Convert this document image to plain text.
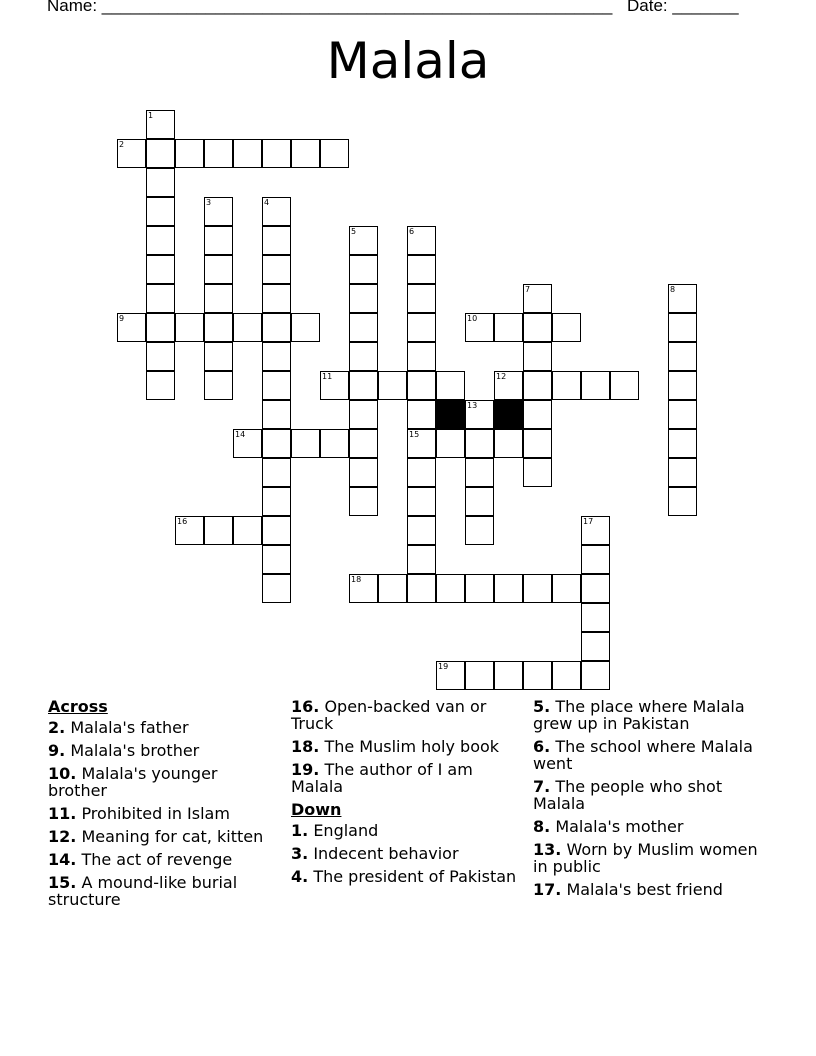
Name: ______________________________________________________ Date: _______
Malala
1
2
3	4
5	6
15
7	8
9	10
11	12
13
14
16	17
18
19
Across
2. Malala's father
9. Malala's brother
10. Malala's younger brother
11. Prohibited in Islam
12. Meaning for cat, kitten
14. The act of revenge
15. A mound-like burial structure
16. Open-backed van or Truck
18. The Muslim holy book
19. The author of I am Malala
Down
1. England
3. Indecent behavior
4. The president of Pakistan
5. The place where Malala grew up in Pakistan
6. The school where Malala went
7. The people who shot Malala
8. Malala's mother
13. Worn by Muslim women in public
17. Malala's best friend
